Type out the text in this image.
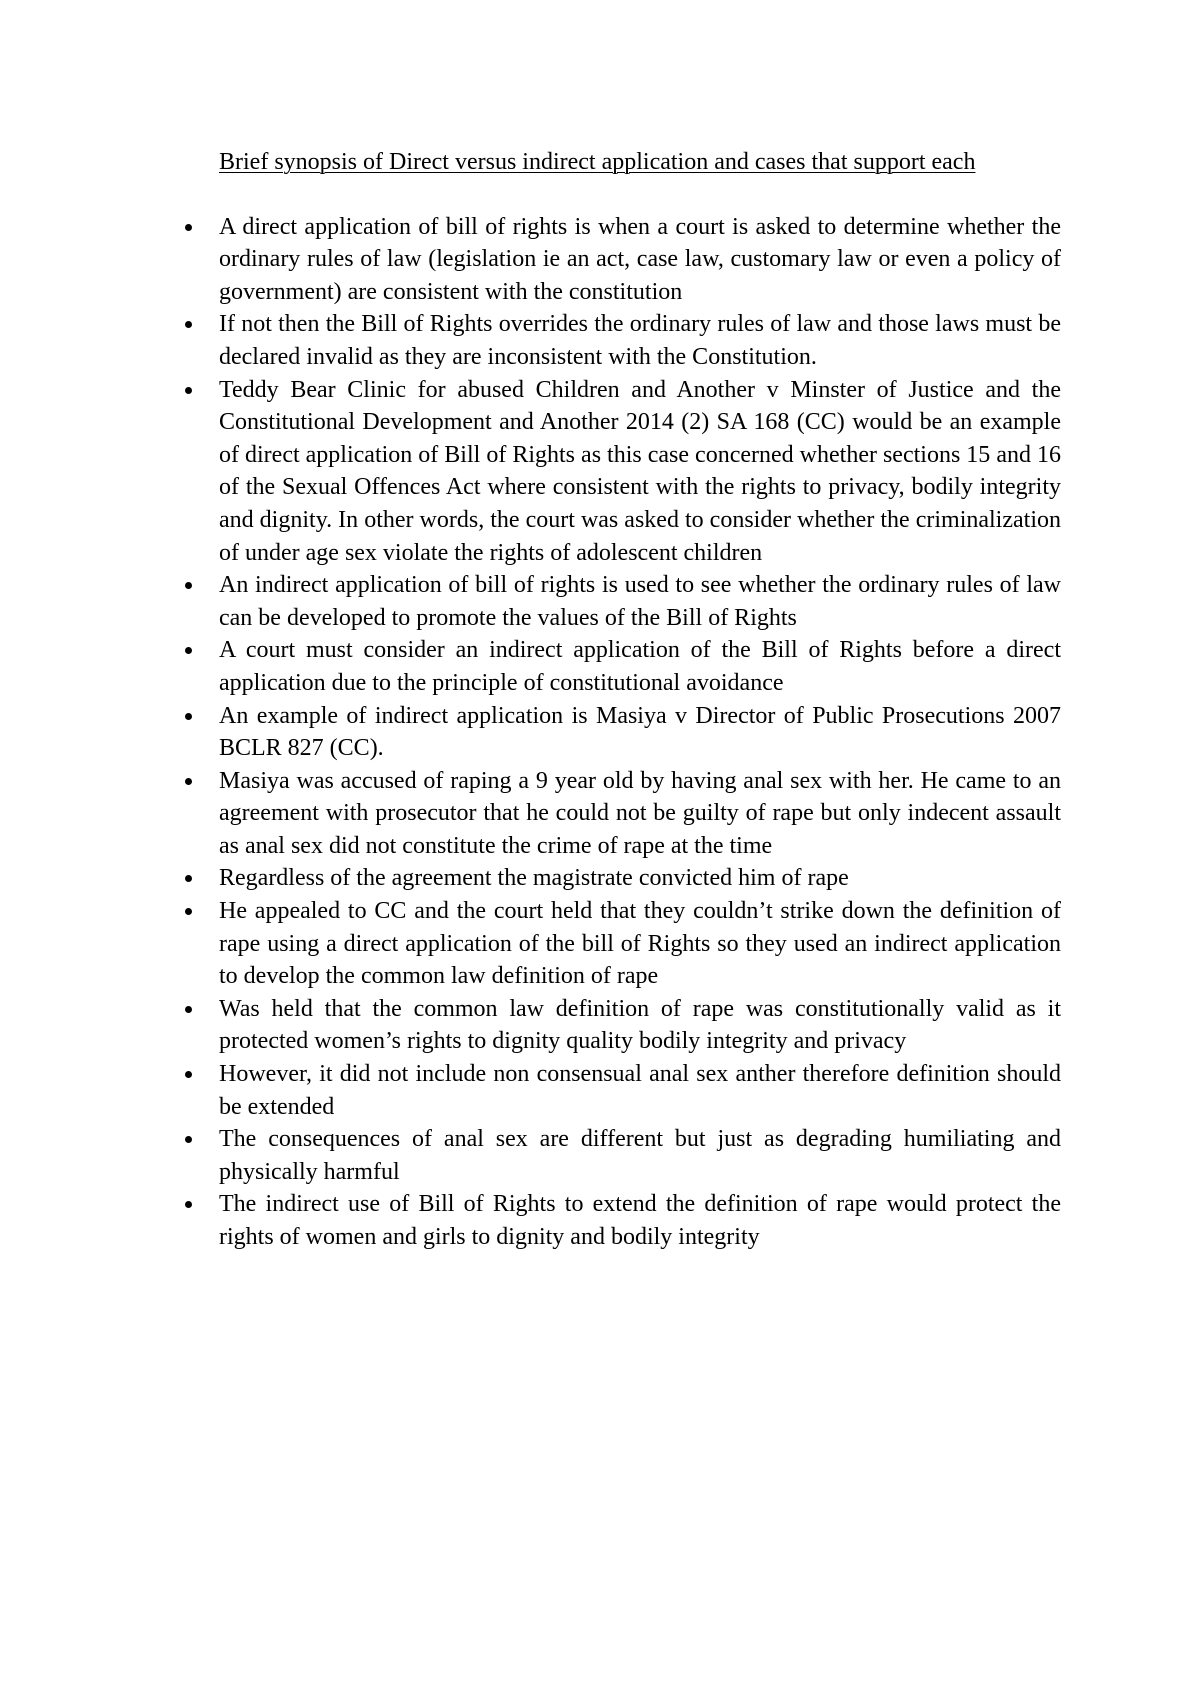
Brief synopsis of Direct versus indirect application and cases that support each
A direct application of bill of rights is when a court is asked to determine whether the ordinary rules of law (legislation ie an act, case law, customary law or even a policy of government) are consistent with the constitution
If not then the Bill of Rights overrides the ordinary rules of law and those laws must be declared invalid as they are inconsistent with the Constitution.
Teddy Bear Clinic for abused Children and Another v Minster of Justice and the Constitutional Development and Another 2014 (2) SA 168 (CC) would be an example of direct application of Bill of Rights as this case concerned whether sections 15 and 16 of the Sexual Offences Act where consistent with the rights to privacy, bodily integrity and dignity. In other words, the court was asked to consider whether the criminalization of under age sex violate the rights of adolescent children
An indirect application of bill of rights is used to see whether the ordinary rules of law can be developed to promote the values of the Bill of Rights
A court must consider an indirect application of the Bill of Rights before a direct application due to the principle of constitutional avoidance
An example of indirect application is Masiya v Director of Public Prosecutions 2007 BCLR 827 (CC).
Masiya was accused of raping a 9 year old by having anal sex with her. He came to an agreement with prosecutor that he could not be guilty of rape but only indecent assault as anal sex did not constitute the crime of rape at the time
Regardless of the agreement the magistrate convicted him of rape
He appealed to CC and the court held that they couldn’t strike down the definition of rape using a direct application of the bill of Rights so they used an indirect application to develop the common law definition of rape
Was held that the common law definition of rape was constitutionally valid as it protected women’s rights to dignity quality bodily integrity and privacy
However, it did not include non consensual anal sex anther therefore definition should be extended
The consequences of anal sex are different but just as degrading humiliating and physically harmful
The indirect use of Bill of Rights to extend the definition of rape would protect the rights of women and girls to dignity and bodily integrity
